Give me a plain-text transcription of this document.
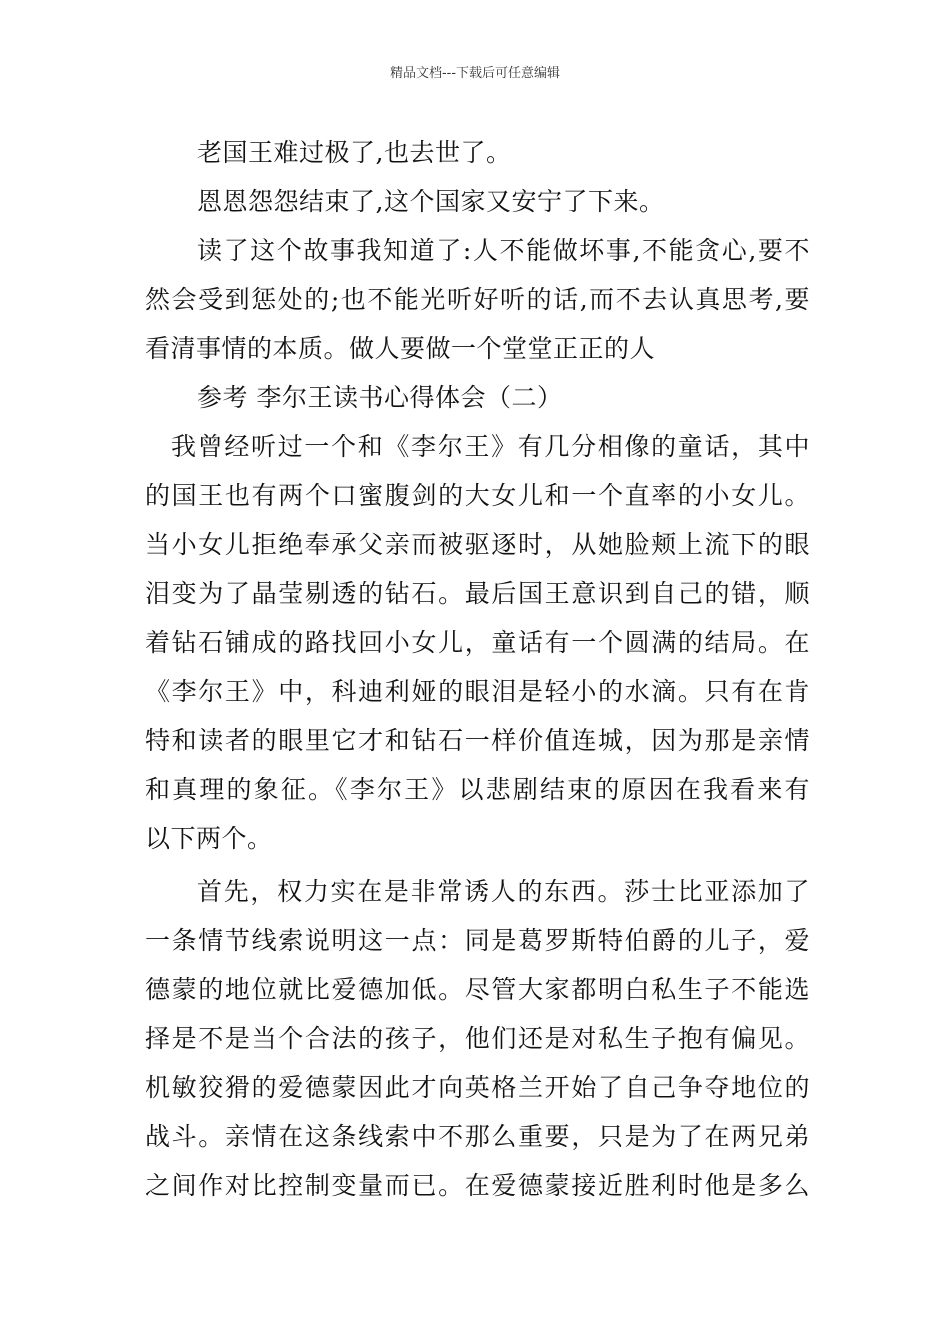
精品文档---下载后可任意编辑
老国王难过极了,也去世了。
恩恩怨怨结束了,这个国家又安宁了下来。
读了这个故事我知道了:人不能做坏事,不能贪心,要不
然会受到惩处的;也不能光听好听的话,而不去认真思考,要
看清事情的本质。做人要做一个堂堂正正的人
参考 李尔王读书心得体会（二）
我曾经听过一个和《李尔王》有几分相像的童话，其中
的国王也有两个口蜜腹剑的大女儿和一个直率的小女儿。
当小女儿拒绝奉承父亲而被驱逐时，从她脸颊上流下的眼
泪变为了晶莹剔透的钻石。最后国王意识到自己的错，顺
着钻石铺成的路找回小女儿，童话有一个圆满的结局。在
《李尔王》中，科迪利娅的眼泪是轻小的水滴。只有在肯
特和读者的眼里它才和钻石一样价值连城，因为那是亲情
和真理的象征。《李尔王》以悲剧结束的原因在我看来有
以下两个。
首先，权力实在是非常诱人的东西。莎士比亚添加了
一条情节线索说明这一点：同是葛罗斯特伯爵的儿子，爱
德蒙的地位就比爱德加低。尽管大家都明白私生子不能选
择是不是当个合法的孩子，他们还是对私生子抱有偏见。
机敏狡猾的爱德蒙因此才向英格兰开始了自己争夺地位的
战斗。亲情在这条线索中不那么重要，只是为了在两兄弟
之间作对比控制变量而已。在爱德蒙接近胜利时他是多么
